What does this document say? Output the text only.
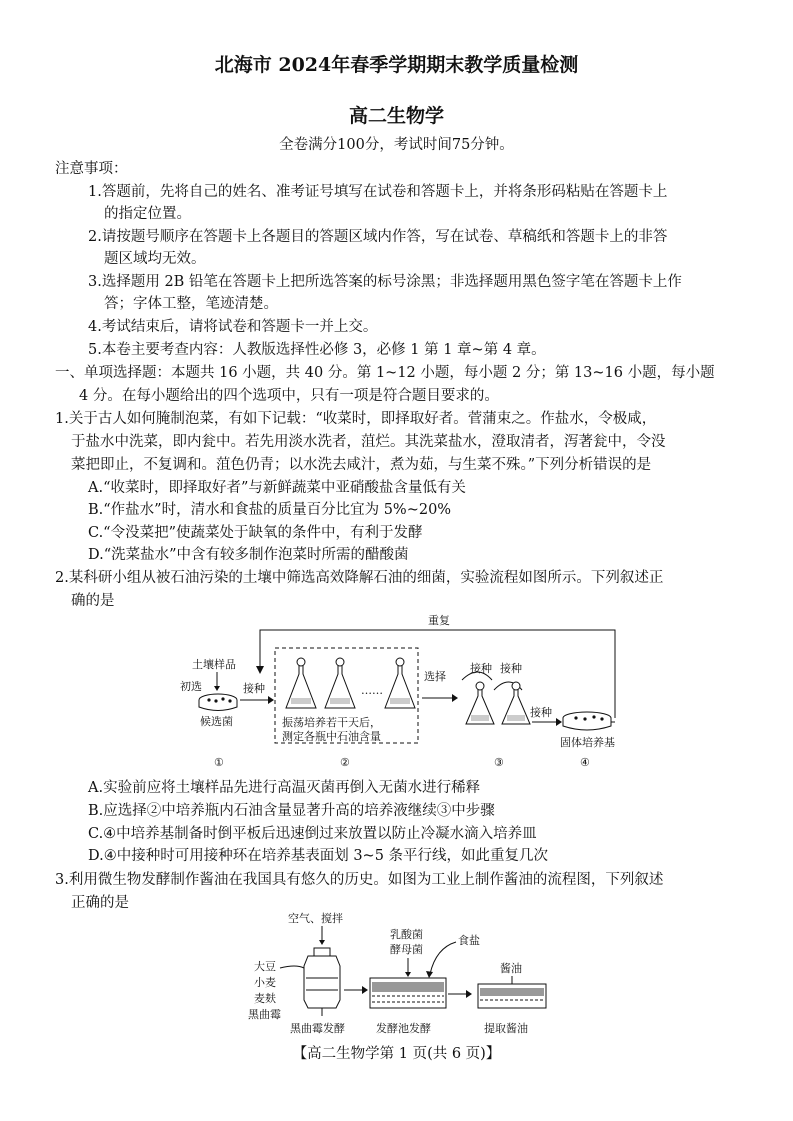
北海市 2024年春季学期期末教学质量检测
高二生物学
全卷满分100分，考试时间75分钟。
注意事项：
1.答题前，先将自己的姓名、准考证号填写在试卷和答题卡上，并将条形码粘贴在答题卡上
的指定位置。
2.请按题号顺序在答题卡上各题目的答题区域内作答，写在试卷、草稿纸和答题卡上的非答
题区域均无效。
3.选择题用 2B 铅笔在答题卡上把所选答案的标号涂黑；非选择题用黑色签字笔在答题卡上作
答；字体工整，笔迹清楚。
4.考试结束后，请将试卷和答题卡一并上交。
5.本卷主要考查内容：人教版选择性必修 3，必修 1 第 1 章~第 4 章。
一、单项选择题：本题共 16 小题，共 40 分。第 1~12 小题，每小题 2 分；第 13~16 小题，每小题
4 分。在每小题给出的四个选项中，只有一项是符合题目要求的。
1.关于古人如何腌制泡菜，有如下记载：“收菜时，即择取好者。菅蒲束之。作盐水，令极咸，
于盐水中洗菜，即内瓮中。若先用淡水洗者，菹烂。其洗菜盐水，澄取清者，泻著瓮中，令没
菜把即止，不复调和。菹色仍青；以水洗去咸汁，煮为茹，与生菜不殊。”下列分析错误的是
A.“收菜时，即择取好者”与新鲜蔬菜中亚硝酸盐含量低有关
B.“作盐水”时，清水和食盐的质量百分比宜为 5%~20%
C.“令没菜把”使蔬菜处于缺氧的条件中，有利于发酵
D.“洗菜盐水”中含有较多制作泡菜时所需的醋酸菌
2.某科研小组从被石油污染的土壤中筛选高效降解石油的细菌，实验流程如图所示。下列叙述正
确的是
重复
土壤样品
初选
候选菌
接种	……
振荡培养若干天后，
测定各瓶中石油含量
选择
接种 接种
接种
固体培养基
①	②	③	④
A.实验前应将土壤样品先进行高温灭菌再倒入无菌水进行稀释
B.应选择②中培养瓶内石油含量显著升高的培养液继续③中步骤
C.④中培养基制备时倒平板后迅速倒过来放置以防止冷凝水滴入培养皿
D.④中接种时可用接种环在培养基表面划 3~5 条平行线，如此重复几次
3.利用微生物发酵制作酱油在我国具有悠久的历史。如图为工业上制作酱油的流程图，下列叙述
正确的是
空气、搅拌
大豆
小麦
麦麸
黑曲霉
黑曲霉发酵
乳酸菌
酵母菌
食盐
发酵池发酵
酱油
提取酱油
【高二生物学第 1 页(共 6 页)】
